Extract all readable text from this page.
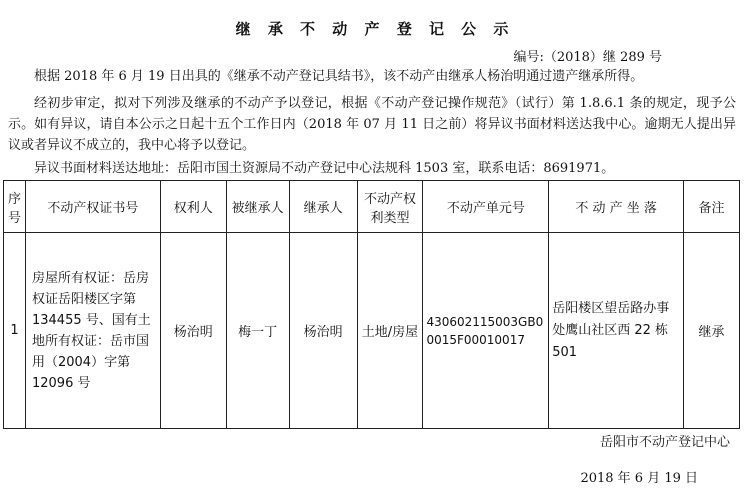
继 承 不 动 产 登 记 公 示
编号:（2018）继 289 号
根据 2018 年 6 月 19 日出具的《继承不动产登记具结书》，该不动产由继承人杨治明通过遗产继承所得。
经初步审定，拟对下列涉及继承的不动产予以登记，根据《不动产登记操作规范》（试行）第 1.8.6.1 条的规定，现予公示。如有异议，请自本公示之日起十五个工作日内（2018 年 07 月 11 日之前）将异议书面材料送达我中心。逾期无人提出异议或者异议不成立的，我中心将予以登记。
异议书面材料送达地址：岳阳市国土资源局不动产登记中心法规科 1503 室，联系电话：8691971。
序号	不动产权证书号	权利人	被继承人	继承人	不动产权利类型	不动产单元号	不 动 产 坐 落	备注
1	房屋所有权证：岳房权证岳阳楼区字第 134455 号、国有土地所有权证：岳市国用（2004）字第 12096 号	杨治明	梅一丁	杨治明	土地/房屋	430602115003GB00015F00010017	岳阳楼区望岳路办事处鹰山社区西 22 栋 501	继承
岳阳市不动产登记中心
2018 年 6 月 19 日
